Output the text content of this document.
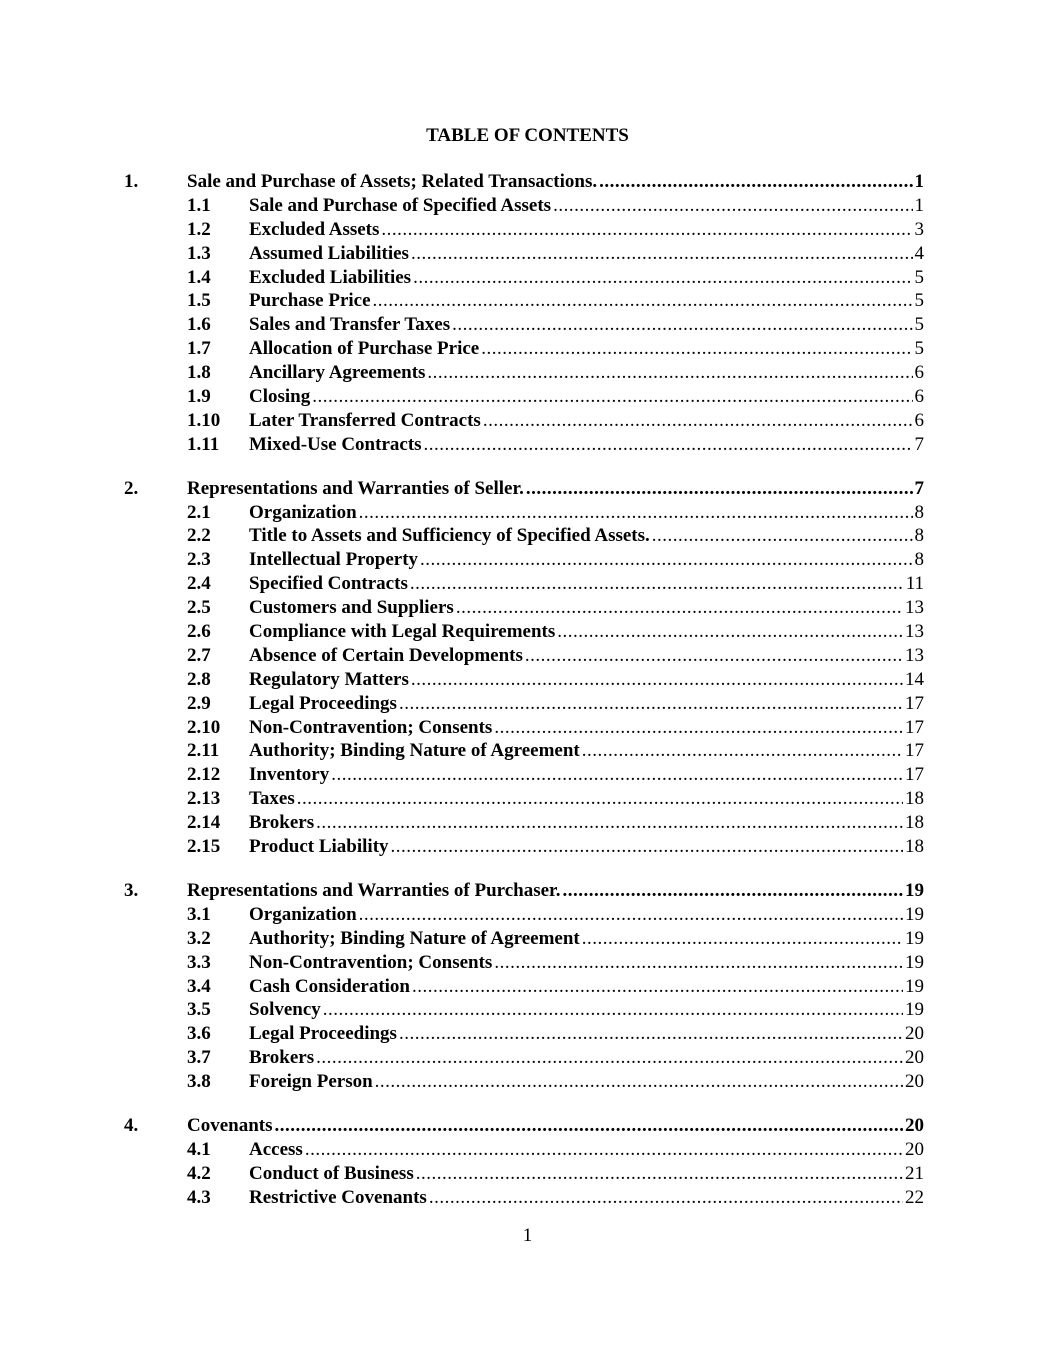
TABLE OF CONTENTS
1.	Sale and Purchase of Assets; Related Transactions. .....	1
1.1 Sale and Purchase of Specified Assets .....	1
1.2 Excluded Assets .....	3
1.3 Assumed Liabilities .....	4
1.4 Excluded Liabilities .....	5
1.5 Purchase Price .....	5
1.6 Sales and Transfer Taxes .....	5
1.7 Allocation of Purchase Price .....	5
1.8 Ancillary Agreements .....	6
1.9 Closing .....	6
1.10 Later Transferred Contracts .....	6
1.11 Mixed-Use Contracts .....	7
2.	Representations and Warranties of Seller. .....	7
2.1 Organization .....	8
2.2 Title to Assets and Sufficiency of Specified Assets. .....	8
2.3 Intellectual Property .....	8
2.4 Specified Contracts .....	11
2.5 Customers and Suppliers .....	13
2.6 Compliance with Legal Requirements .....	13
2.7 Absence of Certain Developments .....	13
2.8 Regulatory Matters .....	14
2.9 Legal Proceedings .....	17
2.10 Non-Contravention; Consents .....	17
2.11 Authority; Binding Nature of Agreement .....	17
2.12 Inventory .....	17
2.13 Taxes .....	18
2.14 Brokers .....	18
2.15 Product Liability .....	18
3.	Representations and Warranties of Purchaser. .....	19
3.1 Organization .....	19
3.2 Authority; Binding Nature of Agreement .....	19
3.3 Non-Contravention; Consents .....	19
3.4 Cash Consideration .....	19
3.5 Solvency .....	19
3.6 Legal Proceedings .....	20
3.7 Brokers .....	20
3.8 Foreign Person .....	20
4.	Covenants .....	20
4.1 Access .....	20
4.2 Conduct of Business .....	21
4.3 Restrictive Covenants .....	22
1
